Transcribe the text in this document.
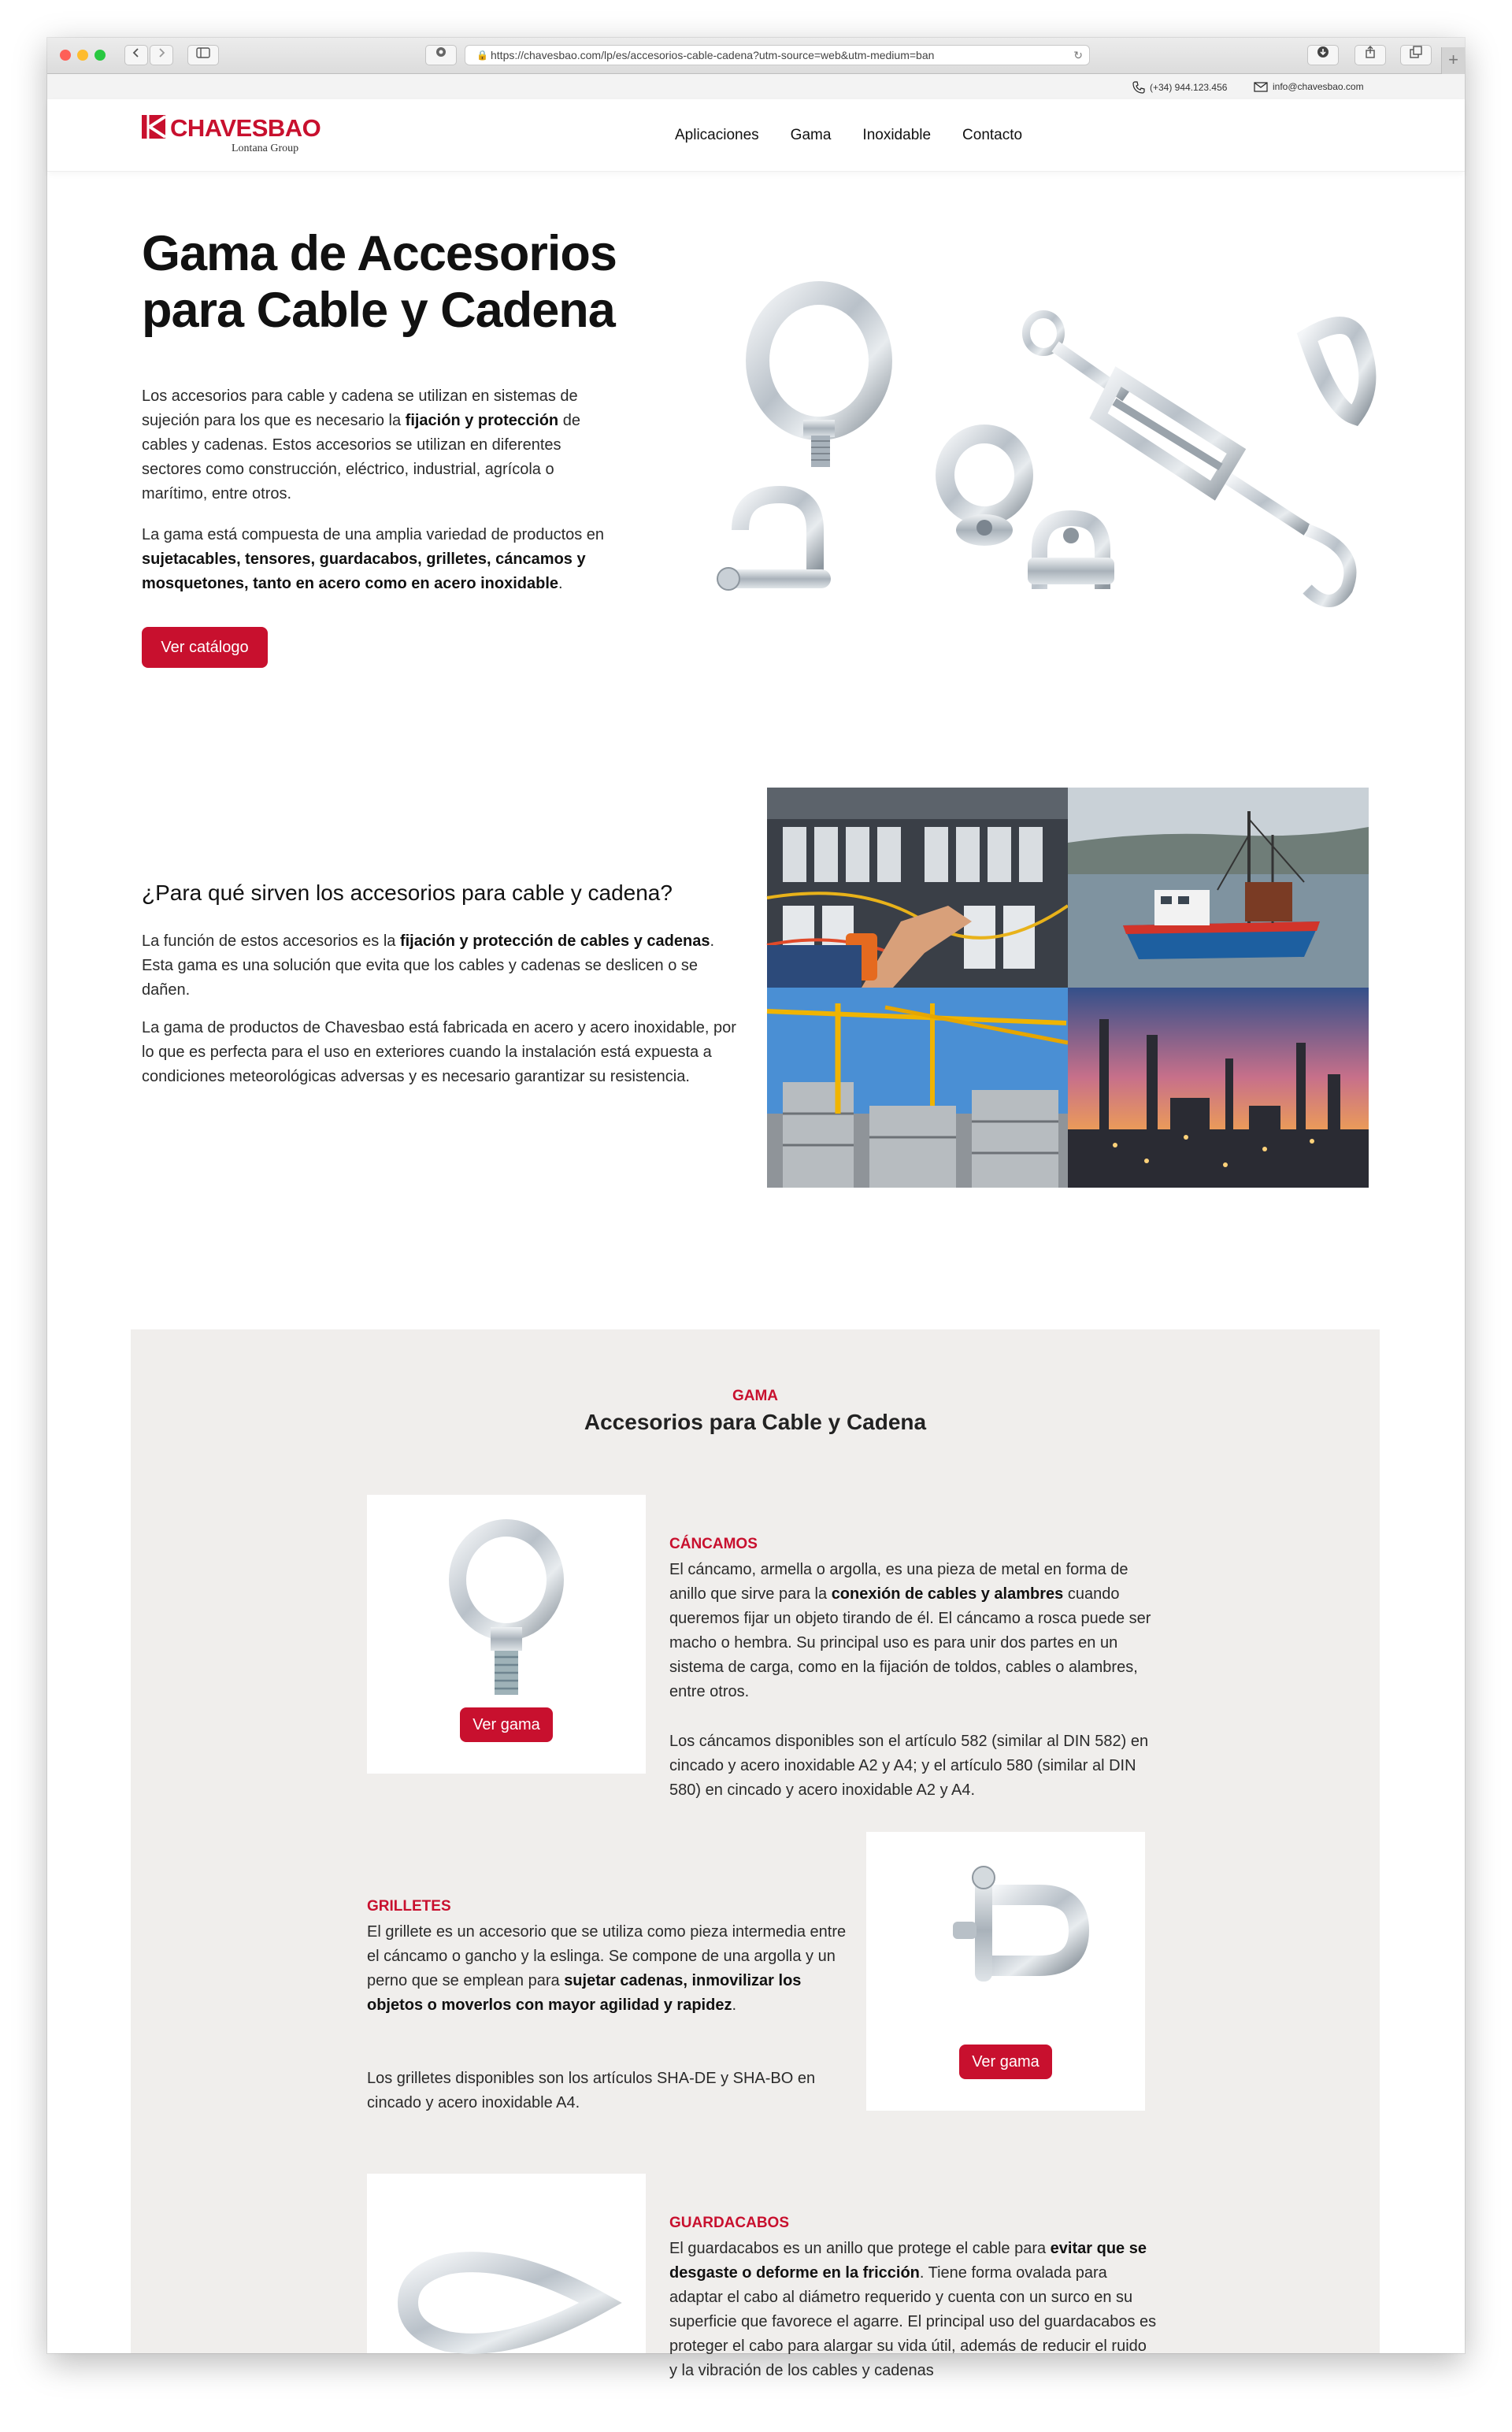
🔒 https://chavesbao.com/lp/es/accesorios-cable-cadena?utm-source=web&utm-medium=ban	↻	+
(+34) 944.123.456	info@chavesbao.com
CHAVESBAO
Lontana Group
Aplicaciones Gama Inoxidable Contacto
Gama de Accesorios
para Cable y Cadena

Los accesorios para cable y cadena se utilizan en sistemas de sujeción para los que es necesario la fijación y protección de cables y cadenas. Estos accesorios se utilizan en diferentes sectores como construcción, eléctrico, industrial, agrícola o marítimo, entre otros.

La gama está compuesta de una amplia variedad de productos en sujetacables, tensores, guardacabos, grilletes, cáncamos y mosquetones, tanto en acero como en acero inoxidable.

Ver catálogo
¿Para qué sirven los accesorios para cable y cadena?

La función de estos accesorios es la fijación y protección de cables y cadenas. Esta gama es una solución que evita que los cables y cadenas se deslicen o se dañen.

La gama de productos de Chavesbao está fabricada en acero y acero inoxidable, por lo que es perfecta para el uso en exteriores cuando la instalación está expuesta a condiciones meteorológicas adversas y es necesario garantizar su resistencia.

GAMA
Accesorios para Cable y Cadena
Ver gama
CÁNCAMOS

El cáncamo, armella o argolla, es una pieza de metal en forma de anillo que sirve para la conexión de cables y alambres cuando queremos fijar un objeto tirando de él. El cáncamo a rosca puede ser macho o hembra. Su principal uso es para unir dos partes en un sistema de carga, como en la fijación de toldos, cables o alambres, entre otros.

Los cáncamos disponibles son el artículo 582 (similar al DIN 582) en cincado y acero inoxidable A2 y A4; y el artículo 580 (similar al DIN 580) en cincado y acero inoxidable A2 y A4.

GRILLETES

El grillete es un accesorio que se utiliza como pieza intermedia entre el cáncamo o gancho y la eslinga. Se compone de una argolla y un perno que se emplean para sujetar cadenas, inmovilizar los objetos o moverlos con mayor agilidad y rapidez.

Los grilletes disponibles son los artículos SHA-DE y SHA-BO en cincado y acero inoxidable A4.

Ver gama
GUARDACABOS

El guardacabos es un anillo que protege el cable para evitar que se desgaste o deforme en la fricción. Tiene forma ovalada para adaptar el cabo al diámetro requerido y cuenta con un surco en su superficie que favorece el agarre. El principal uso del guardacabos es proteger el cabo para alargar su vida útil, además de reducir el ruido y la vibración de los cables y cadenas
